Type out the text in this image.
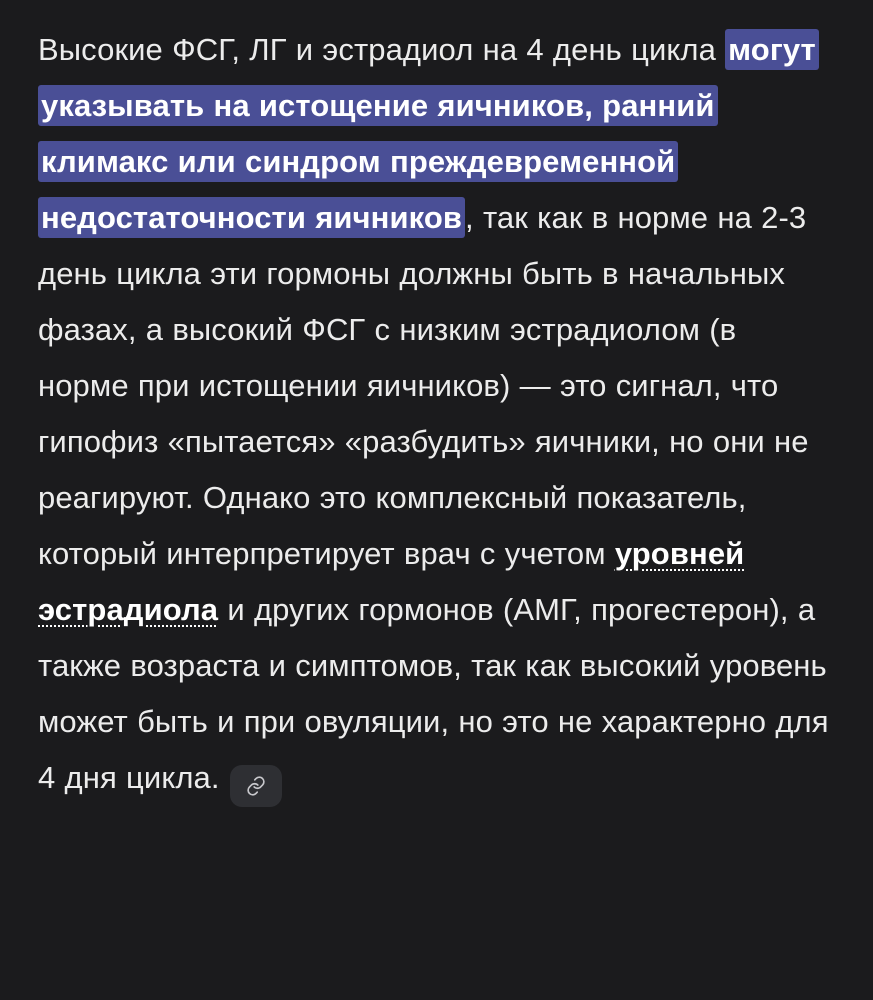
Высокие ФСГ, ЛГ и эстрадиол на 4 день цикла могут указывать на истощение яичников, ранний климакс или синдром преждевременной недостаточности яичников, так как в норме на 2-3 день цикла эти гормоны должны быть в начальных фазах, а высокий ФСГ с низким эстрадиолом (в норме при истощении яичников) — это сигнал, что гипофиз «пытается» «разбудить» яичники, но они не реагируют. Однако это комплексный показатель, который интерпретирует врач с учетом уровней эстрадиола и других гормонов (АМГ, прогестерон), а также возраста и симптомов, так как высокий уровень может быть и при овуляции, но это не характерно для 4 дня цикла.
